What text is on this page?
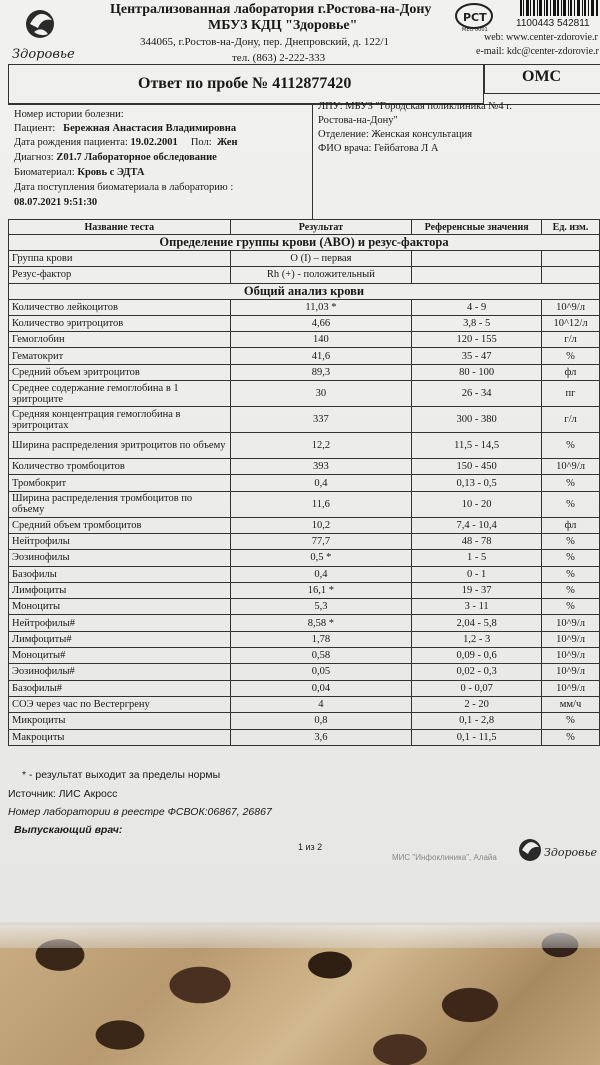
Здоровье
Централизованная лаборатория г.Ростова-на-Дону
МБУЗ КДЦ "Здоровье"
344065, г.Ростов-на-Дону, пер. Днепровский, д. 122/1
тел. (863) 2-222-333
РСТ
МЕО 0001
1100443 542811
web: www.center-zdorovie.r
e-mail: kdc@center-zdorovie.r
Ответ по пробе № 4112877420	ОМС
Номер истории болезни:
Пациент: Бережная Анастасия Владимировна
Дата рождения пациента: 19.02.2001 Пол: Жен
Диагноз: Z01.7 Лабораторное обследование
Биоматериал: Кровь с ЭДТА
Дата поступления биоматериала в лабораторию :
08.07.2021 9:51:30
ЛПУ: МБУЗ "Городская поликлиника №4 г.
Ростова-на-Дону"
Отделение: Женская консультация
ФИО врача: Гейбатова Л А
Название теста	Результат	Референсные значения	Ед. изм.
Определение группы крови (АВО) и резус-фактора			
Группа крови	O (I) – первая		
Резус-фактор	Rh (+) - положительный		
Общий анализ крови			
Количество лейкоцитов	11,03 *	4 - 9	10^9/л
Количество эритроцитов	4,66	3,8 - 5	10^12/л
Гемоглобин	140	120 - 155	г/л
Гематокрит	41,6	35 - 47	%
Средний объем эритроцитов	89,3	80 - 100	фл
Среднее содержание гемоглобина в 1 эритроците	30	26 - 34	пг
Средняя концентрация гемоглобина в эритроцитах	337	300 - 380	г/л
Ширина распределения эритроцитов по объему	12,2	11,5 - 14,5	%
Количество тромбоцитов	393	150 - 450	10^9/л
Тромбокрит	0,4	0,13 - 0,5	%
Ширина распределения тромбоцитов по объему	11,6	10 - 20	%
Средний объем тромбоцитов	10,2	7,4 - 10,4	фл
Нейтрофилы	77,7	48 - 78	%
Эозинофилы	0,5 *	1 - 5	%
Базофилы	0,4	0 - 1	%
Лимфоциты	16,1 *	19 - 37	%
Моноциты	5,3	3 - 11	%
Нейтрофилы#	8,58 *	2,04 - 5,8	10^9/л
Лимфоциты#	1,78	1,2 - 3	10^9/л
Моноциты#	0,58	0,09 - 0,6	10^9/л
Эозинофилы#	0,05	0,02 - 0,3	10^9/л
Базофилы#	0,04	0 - 0,07	10^9/л
СОЭ через час по Вестергрену	4	2 - 20	мм/ч
Микроциты	0,8	0,1 - 2,8	%
Макроциты	3,6	0,1 - 11,5	%
* - результат выходит за пределы нормы
Источник: ЛИС Акросс
Номер лаборатории в реестре ФСВОК:06867, 26867
Выпускающий врач:
1 из 2
МИС "Инфоклиника", Алайа	Здоровье
